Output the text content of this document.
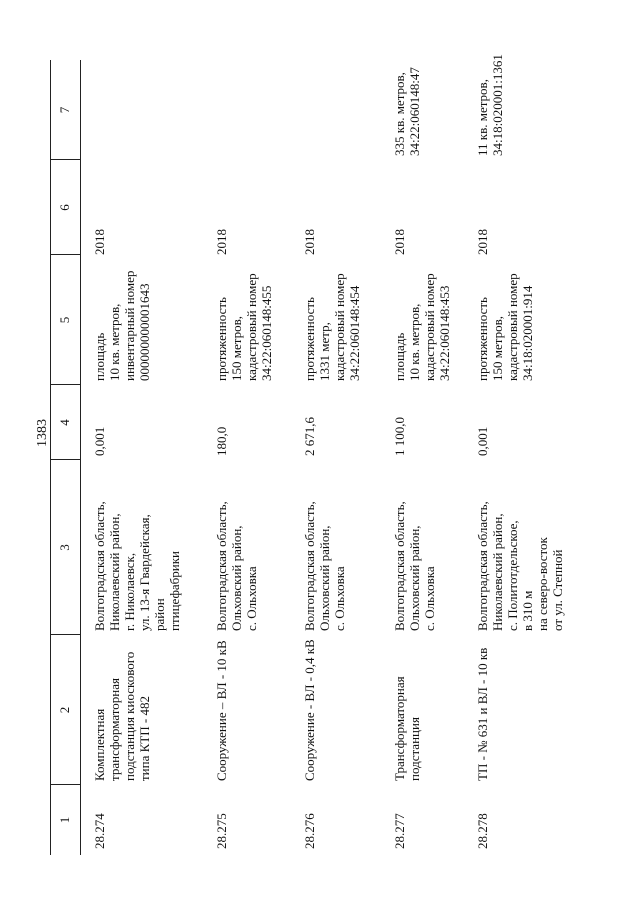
1383
1
2
3
4
5
6
7
28.274
Комплектная
трансформаторная
подстанция киоскового
типа КТП - 482
Волгоградская область,
Николаевский район,
г. Николаевск,
ул. 13-я Гвардейская,
район
птицефабрики
0,001
площадь
10 кв. метров,
инвентарный номер
000000000001643
2018
28.275
Сооружение – ВЛ - 10 кВ
Волгоградская область,
Ольховский район,
с. Ольховка
180,0
протяженность
150 метров,
кадастровый номер
34:22:060148:455
2018
28.276
Сооружение - ВЛ - 0,4 кВ
Волгоградская область,
Ольховский район,
с. Ольховка
2 671,6
протяженность
1331 метр,
кадастровый номер
34:22:060148:454
2018
28.277
Трансформаторная
подстанция
Волгоградская область,
Ольховский район,
с. Ольховка
1 100,0
площадь
10 кв. метров,
кадастровый номер
34:22:060148:453
2018
335 кв. метров,
34:22:060148:47
28.278
ТП - № 631 и ВЛ - 10 кв
Волгоградская область,
Николаевский район,
с. Политотдельское,
в 310 м
на северо-восток
от ул. Степной
0,001
протяженность
150 метров,
кадастровый номер
34:18:020001:914
2018
11 кв. метров,
34:18:020001:1361
